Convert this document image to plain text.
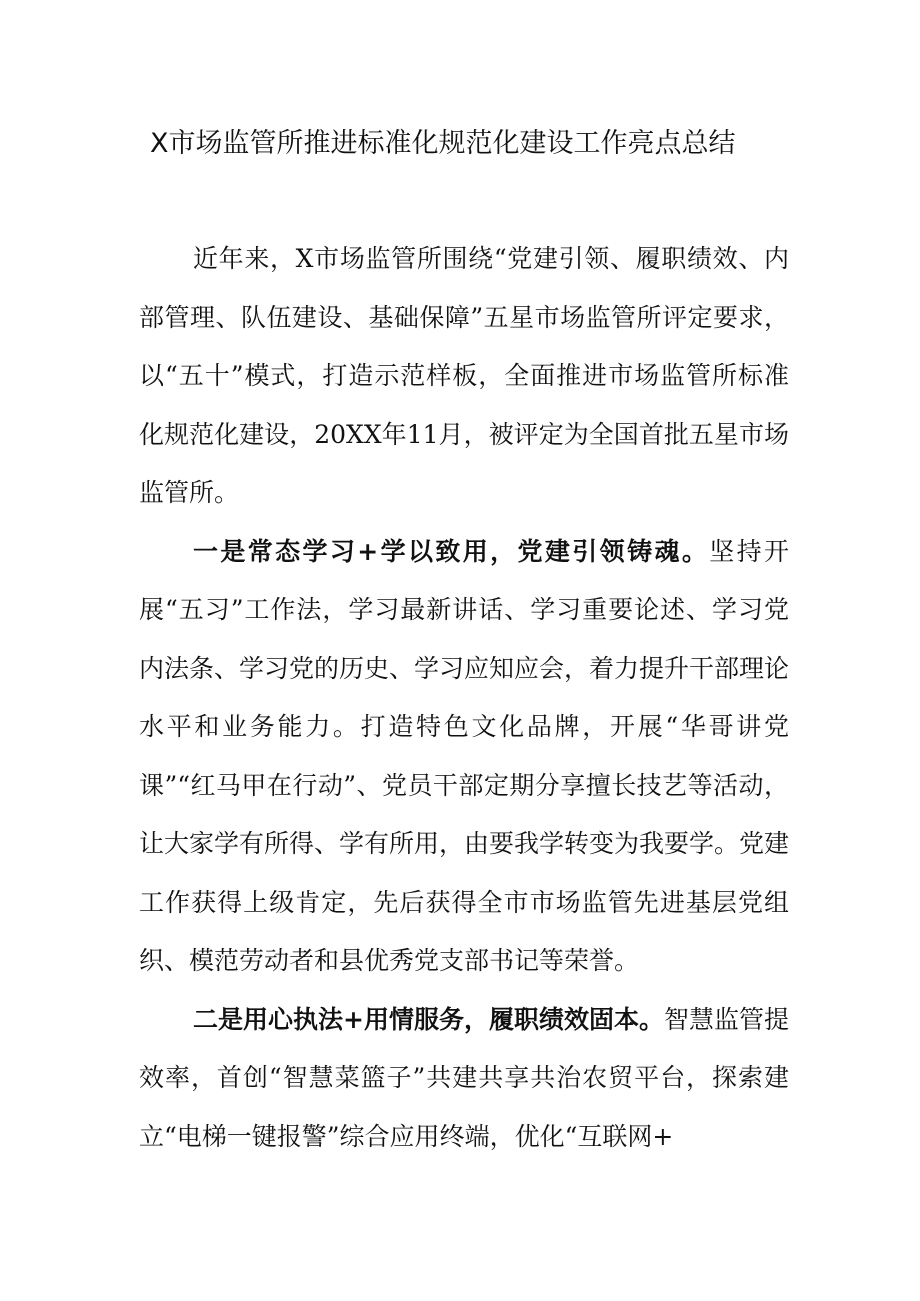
X市场监管所推进标准化规范化建设工作亮点总结

近年来，X市场监管所围绕“党建引领、履职绩效、内部管理、队伍建设、基础保障”五星市场监管所评定要求，以“五十”模式，打造示范样板，全面推进市场监管所标准化规范化建设，20XX年11月，被评定为全国首批五星市场监管所。

一是常态学习+学以致用，党建引领铸魂。坚持开展“五习”工作法，学习最新讲话、学习重要论述、学习党内法条、学习党的历史、学习应知应会，着力提升干部理论水平和业务能力。打造特色文化品牌，开展“华哥讲党课”“红马甲在行动”、党员干部定期分享擅长技艺等活动，让大家学有所得、学有所用，由要我学转变为我要学。党建工作获得上级肯定，先后获得全市市场监管先进基层党组织、模范劳动者和县优秀党支部书记等荣誉。

二是用心执法+用情服务，履职绩效固本。智慧监管提效率，首创“智慧菜篮子”共建共享共治农贸平台，探索建立“电梯一键报警”综合应用终端，优化“互联网+
